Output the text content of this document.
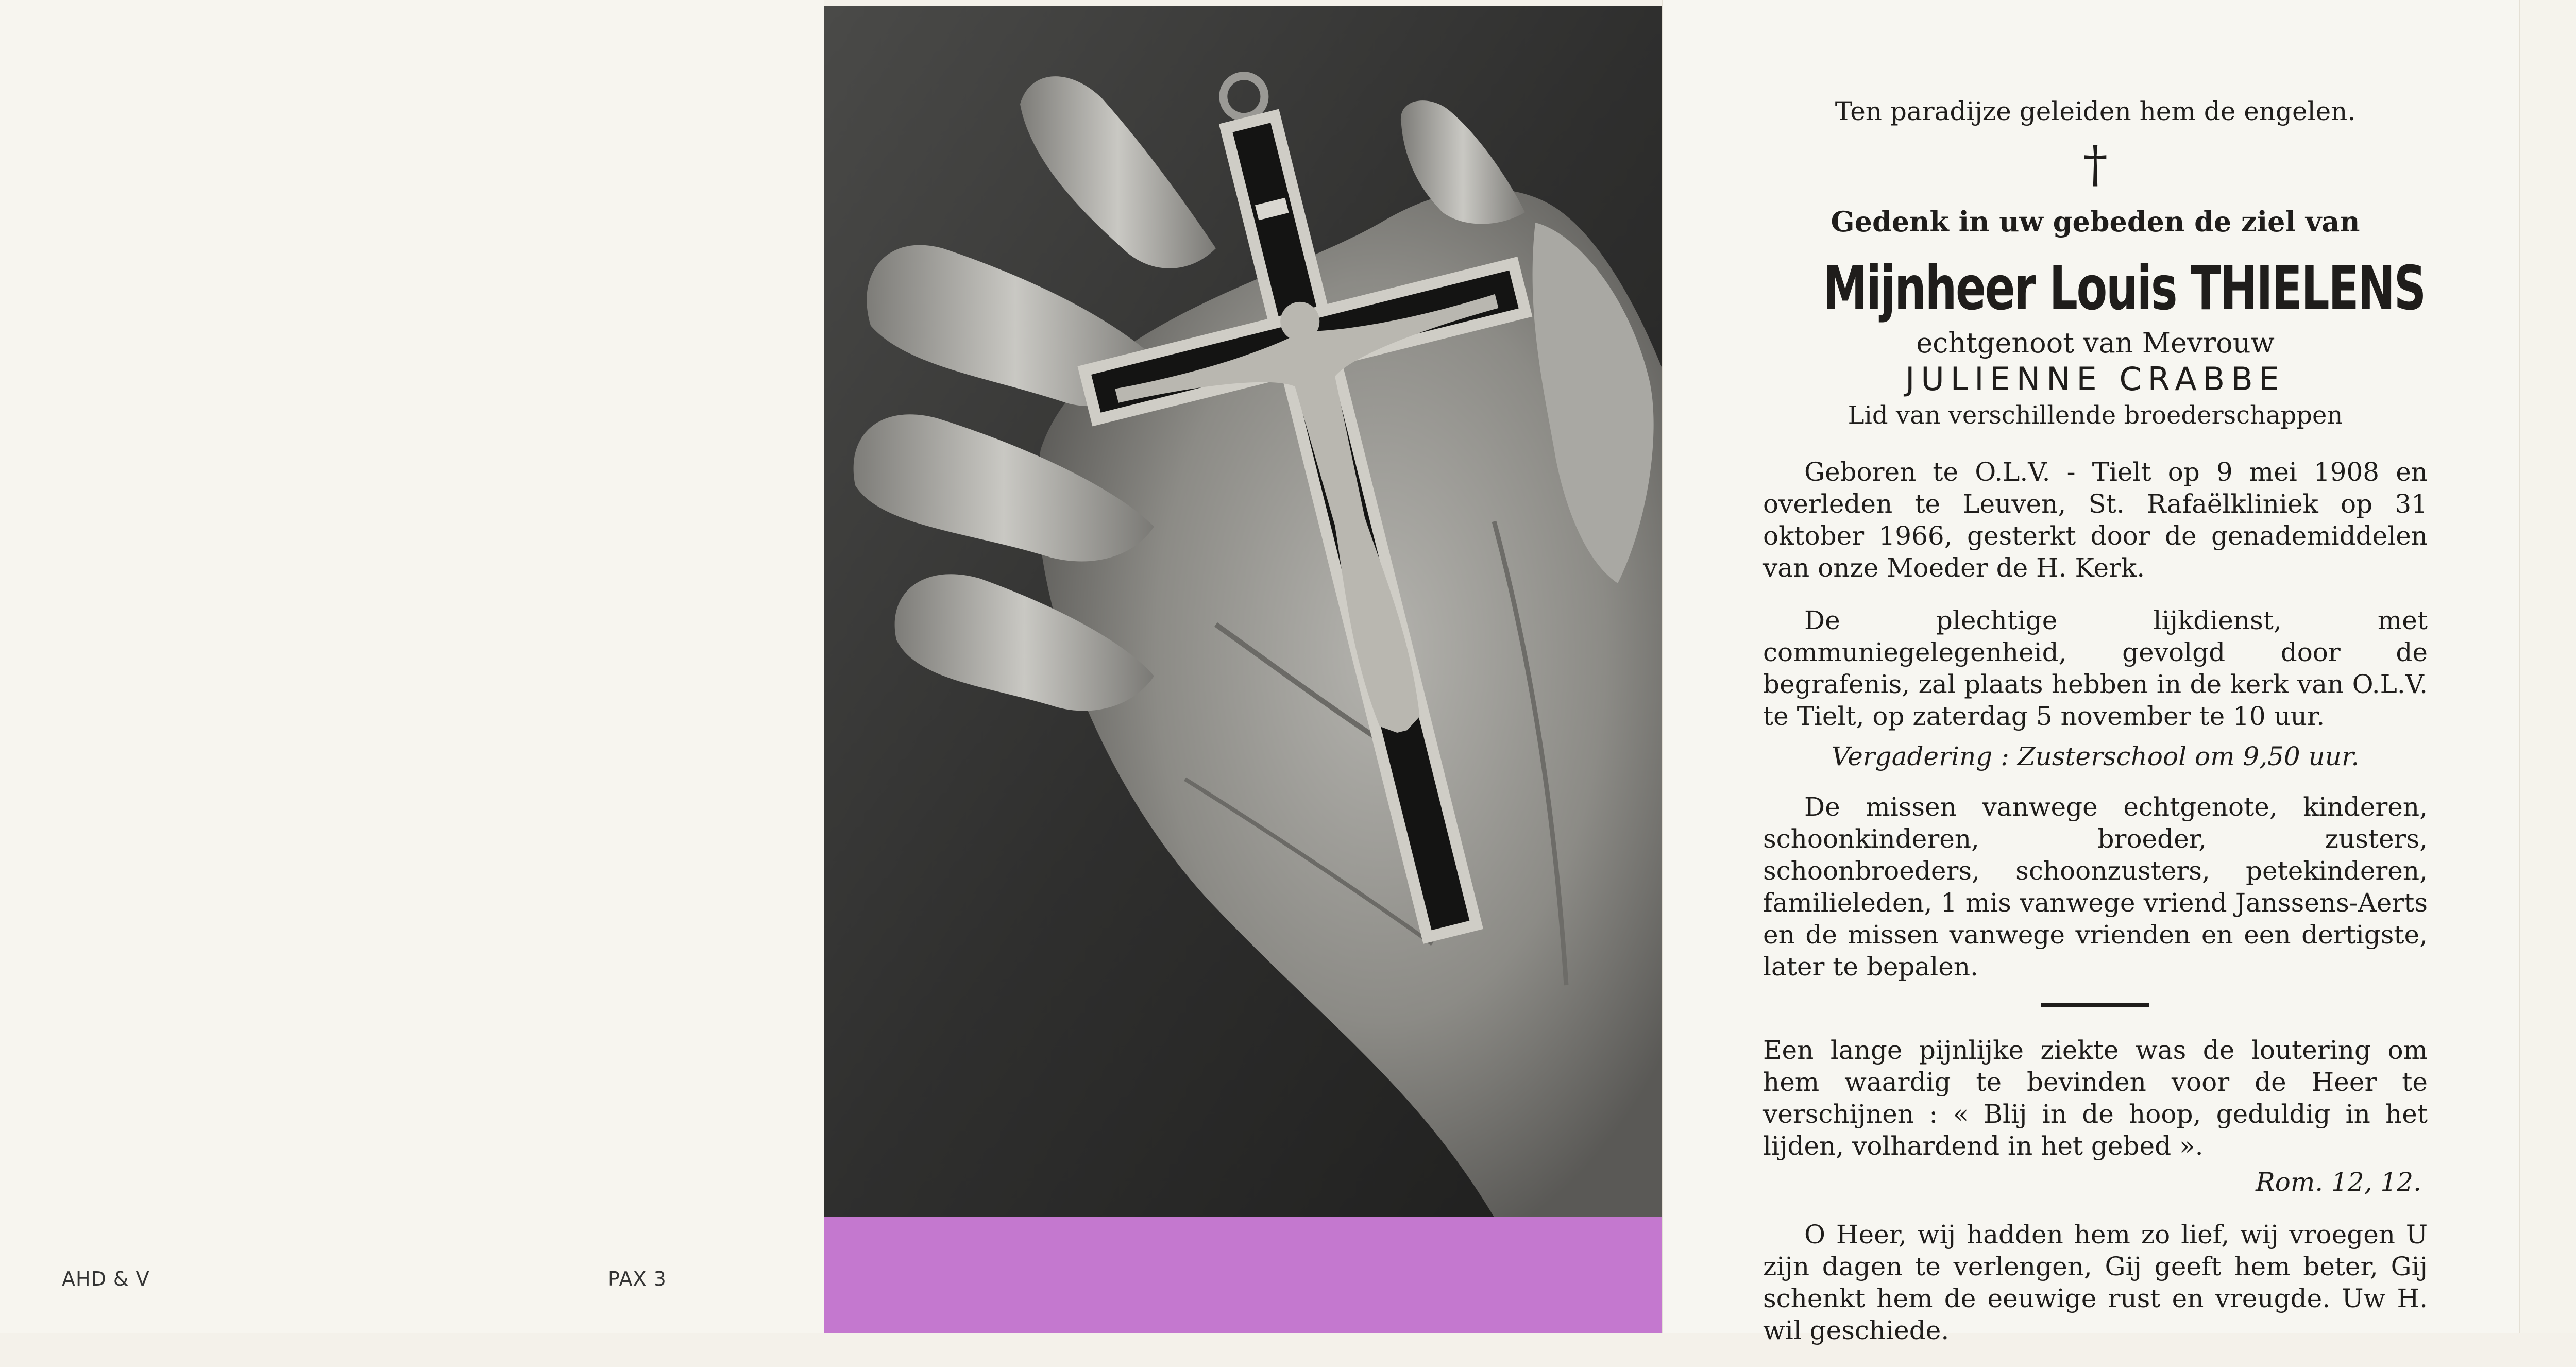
AHD & V	PAX 3
Ten paradijze geleiden hem de engelen.
†
Gedenk in uw gebeden de ziel van
Mijnheer Louis THIELENS
echtgenoot van Mevrouw
JULIENNE CRABBE
Lid van verschillende broederschappen
Geboren te O.L.V. - Tielt op 9 mei 1908 en overleden te Leuven, St. Rafaëlkliniek op 31 oktober 1966, gesterkt door de genademiddelen van onze Moeder de H. Kerk.
De plechtige lijkdienst, met communiegelegenheid, gevolgd door de begrafenis, zal plaats hebben in de kerk van O.L.V. te Tielt, op zaterdag 5 november te 10 uur.
Vergadering : Zusterschool om 9,50 uur.
De missen vanwege echtgenote, kinderen, schoonkinderen, broeder, zusters, schoonbroeders, schoonzusters, petekinderen, familieleden, 1 mis vanwege vriend Janssens-Aerts en de missen vanwege vrienden en een dertigste, later te bepalen.
Een lange pijnlijke ziekte was de loutering om hem waardig te bevinden voor de Heer te verschijnen : « Blij in de hoop, geduldig in het lijden, volhardend in het gebed ».
Rom. 12, 12.
O Heer, wij hadden hem zo lief, wij vroegen U zijn dagen te verlengen, Gij geeft hem beter, Gij schenkt hem de eeuwige rust en vreugde. Uw H. wil geschiede.
